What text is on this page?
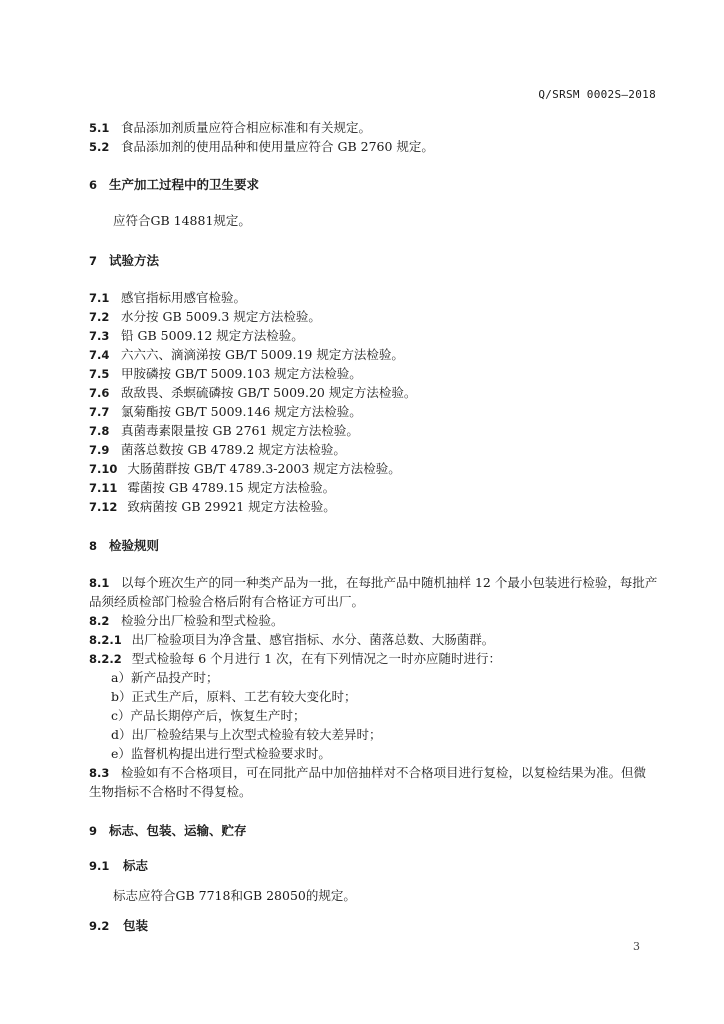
Q/SRSM 0002S—2018
5.1 食品添加剂质量应符合相应标准和有关规定。
5.2 食品添加剂的使用品种和使用量应符合 GB 2760 规定。
6 生产加工过程中的卫生要求
应符合GB 14881规定。
7 试验方法
7.1 感官指标用感官检验。
7.2 水分按 GB 5009.3 规定方法检验。
7.3 铅 GB 5009.12 规定方法检验。
7.4 六六六、滴滴涕按 GB/T 5009.19 规定方法检验。
7.5 甲胺磷按 GB/T 5009.103 规定方法检验。
7.6 敌敌畏、杀螟硫磷按 GB/T 5009.20 规定方法检验。
7.7 氯菊酯按 GB/T 5009.146 规定方法检验。
7.8 真菌毒素限量按 GB 2761 规定方法检验。
7.9 菌落总数按 GB 4789.2 规定方法检验。
7.10 大肠菌群按 GB/T 4789.3-2003 规定方法检验。
7.11 霉菌按 GB 4789.15 规定方法检验。
7.12 致病菌按 GB 29921 规定方法检验。
8 检验规则
8.1 以每个班次生产的同一种类产品为一批，在每批产品中随机抽样 12 个最小包装进行检验，每批产
品须经质检部门检验合格后附有合格证方可出厂。
8.2 检验分出厂检验和型式检验。
8.2.1 出厂检验项目为净含量、感官指标、水分、菌落总数、大肠菌群。
8.2.2 型式检验每 6 个月进行 1 次，在有下列情况之一时亦应随时进行：
a）新产品投产时；
b）正式生产后，原料、工艺有较大变化时；
c）产品长期停产后，恢复生产时；
d）出厂检验结果与上次型式检验有较大差异时；
e）监督机构提出进行型式检验要求时。
8.3 检验如有不合格项目，可在同批产品中加倍抽样对不合格项目进行复检，以复检结果为准。但微
生物指标不合格时不得复检。
9 标志、包装、运输、贮存
9.1 标志
标志应符合GB 7718和GB 28050的规定。
9.2 包装
3
